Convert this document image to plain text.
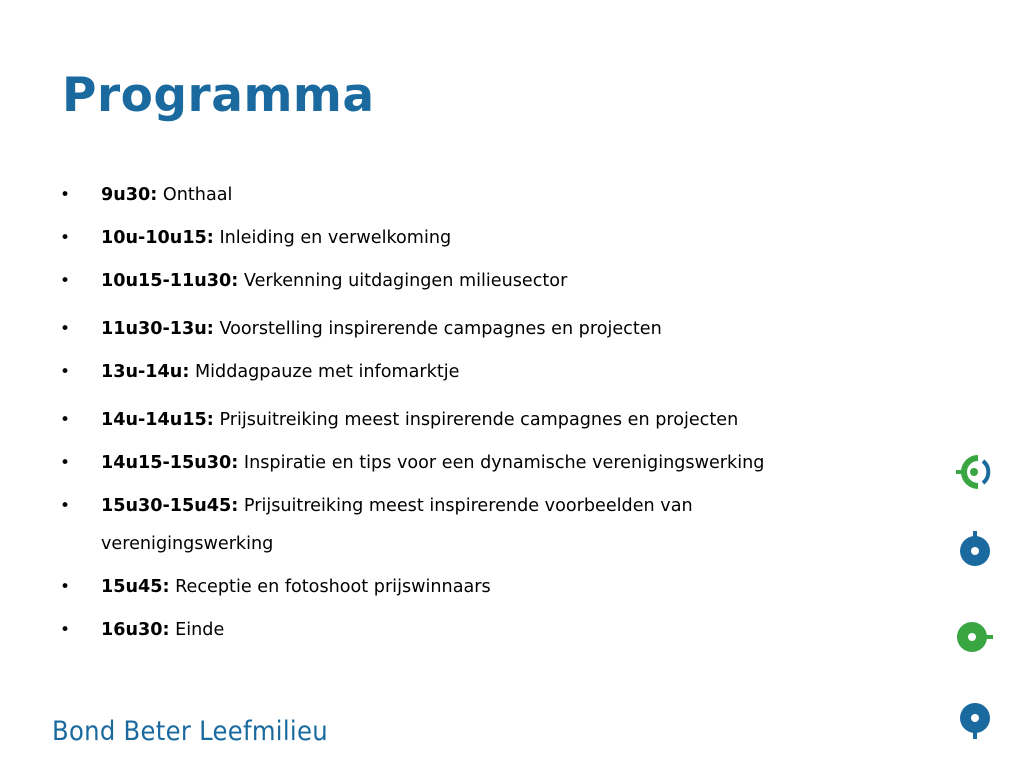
Programma
•	9u30: Onthaal
•	10u-10u15: Inleiding en verwelkoming
•	10u15-11u30: Verkenning uitdagingen milieusector
•	11u30-13u: Voorstelling inspirerende campagnes en projecten
•	13u-14u: Middagpauze met infomarktje
•	14u-14u15: Prijsuitreiking meest inspirerende campagnes en projecten
•	14u15-15u30: Inspiratie en tips voor een dynamische verenigingswerking
•	15u30-15u45: Prijsuitreiking meest inspirerende voorbeelden van verenigingswerking
•	15u45: Receptie en fotoshoot prijswinnaars
•	16u30: Einde
Bond Beter Leefmilieu
